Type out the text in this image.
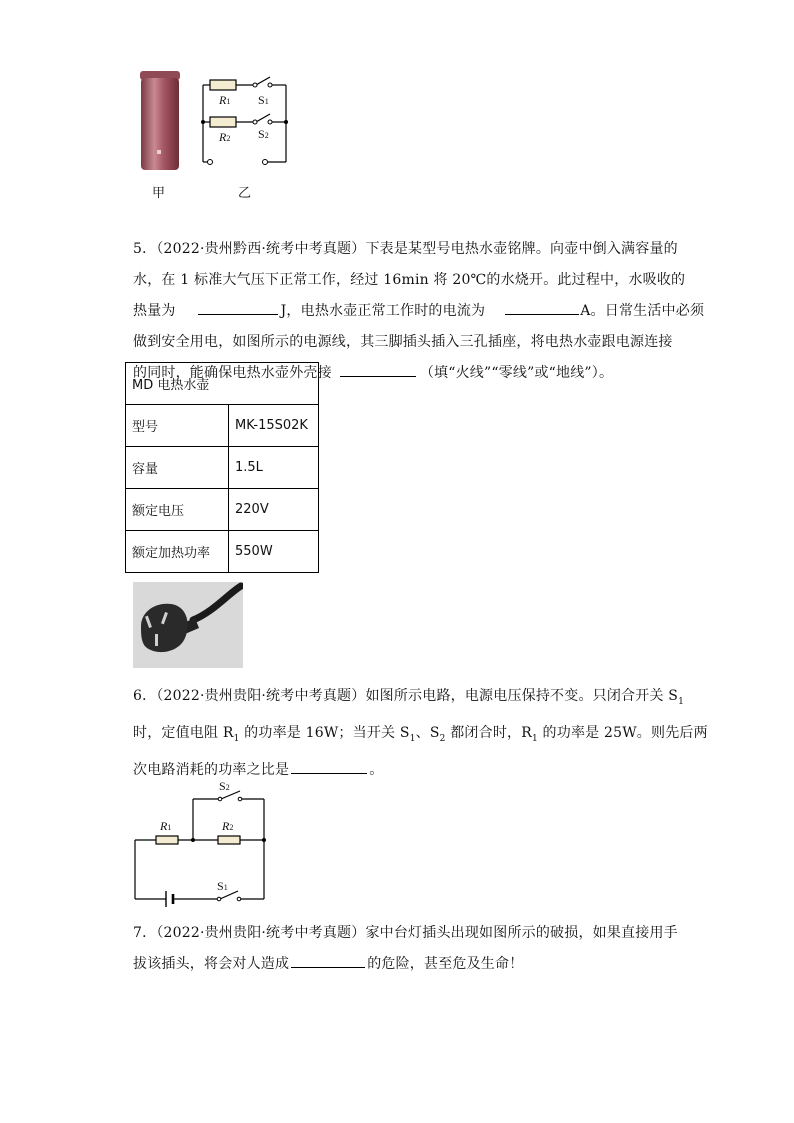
甲
R1 S1
R2 S2
乙

5．（2022·贵州黔西·统考中考真题）下表是某型号电热水壶铭牌。向壶中倒入满容量的

水，在 1 标准大气压下正常工作，经过 16min 将 20℃的水烧开。此过程中，水吸收的

热量为	J，电热水壶正常工作时的电流为	A。日常生活中必须

做到安全用电，如图所示的电源线，其三脚插头插入三孔插座，将电热水壶跟电源连接

的同时，能确保电热水壶外壳接	（填“火线”“零线”或“地线”）。

MD 电热水壶	
型号	MK-15S02K
容量	1.5L
额定电压	220V
额定加热功率	550W

6．（2022·贵州贵阳·统考中考真题）如图所示电路，电源电压保持不变。只闭合开关 $S_1$

时，定值电阻 $R_1$ 的功率是 16W；当开关 $S_1$、$S_2$ 都闭合时，$R_1$ 的功率是 25W。则先后两

次电路消耗的功率之比是	。

S2
R1	R2
S1

7．（2022·贵州贵阳·统考中考真题）家中台灯插头出现如图所示的破损，如果直接用手

拔该插头，将会对人造成	的危险，甚至危及生命！
